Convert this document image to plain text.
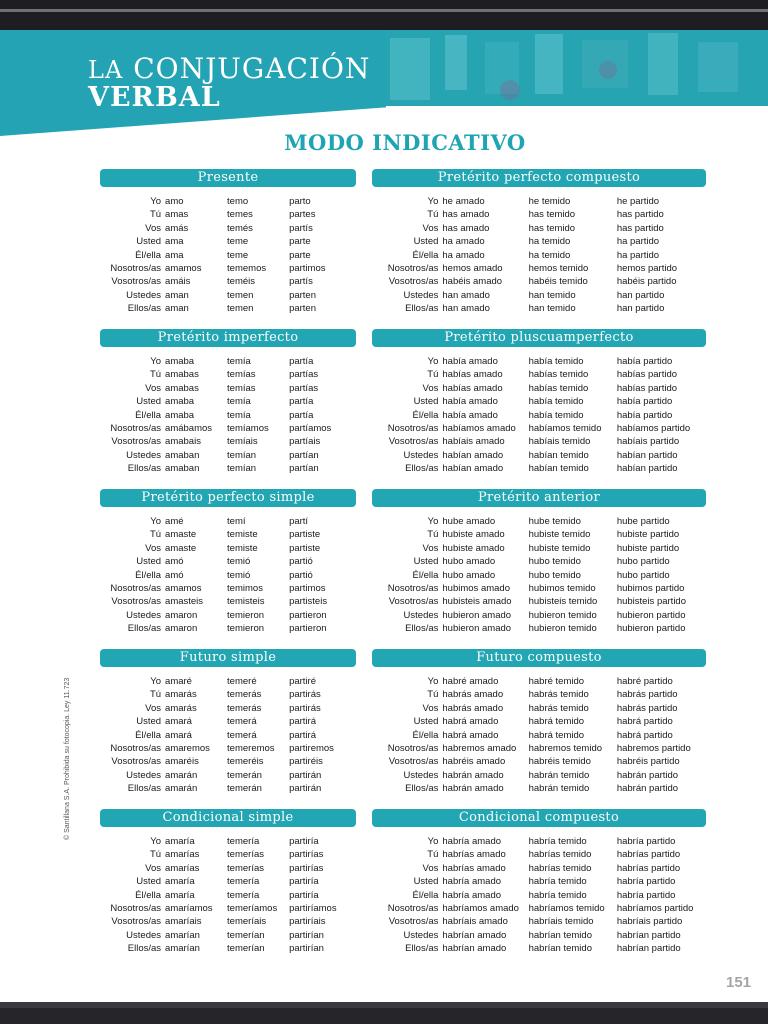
LA CONJUGACIÓN
VERBAL
MODO INDICATIVO
Presente
Yo amo	temo	parto
Tú amas	temes	partes
Vos amás	temés	partís
Usted ama	teme	parte
Él/ella ama	teme	parte
Nosotros/as amamos	tememos	partimos
Vosotros/as amáis	teméis	partís
Ustedes aman	temen	parten
Ellos/as aman	temen	parten
Pretérito perfecto compuesto
Yo he amado	he temido	he partido
Tú has amado	has temido	has partido
Vos has amado	has temido	has partido
Usted ha amado	ha temido	ha partido
Él/ella ha amado	ha temido	ha partido
Nosotros/as hemos amado	hemos temido	hemos partido
Vosotros/as habéis amado	habéis temido	habéis partido
Ustedes han amado	han temido	han partido
Ellos/as han amado	han temido	han partido
Pretérito imperfecto
Yo amaba	temía	partía
Tú amabas	temías	partías
Vos amabas	temías	partías
Usted amaba	temía	partía
Él/ella amaba	temía	partía
Nosotros/as amábamos	temíamos	partíamos
Vosotros/as amabais	temíais	partíais
Ustedes amaban	temían	partían
Ellos/as amaban	temían	partían
Pretérito pluscuamperfecto
Yo había amado	había temido	había partido
Tú habías amado	habías temido	habías partido
Vos habías amado	habías temido	habías partido
Usted había amado	había temido	había partido
Él/ella había amado	había temido	había partido
Nosotros/as habíamos amado	habíamos temido	habíamos partido
Vosotros/as habíais amado	habíais temido	habíais partido
Ustedes habían amado	habían temido	habían partido
Ellos/as habían amado	habían temido	habían partido
Pretérito perfecto simple
Yo amé	temí	partí
Tú amaste	temiste	partiste
Vos amaste	temiste	partiste
Usted amó	temió	partió
Él/ella amó	temió	partió
Nosotros/as amamos	temimos	partimos
Vosotros/as amasteis	temisteis	partisteis
Ustedes amaron	temieron	partieron
Ellos/as amaron	temieron	partieron
Pretérito anterior
Yo hube amado	hube temido	hube partido
Tú hubiste amado	hubiste temido	hubiste partido
Vos hubiste amado	hubiste temido	hubiste partido
Usted hubo amado	hubo temido	hubo partido
Él/ella hubo amado	hubo temido	hubo partido
Nosotros/as hubimos amado	hubimos temido	hubimos partido
Vosotros/as hubisteis amado	hubisteis temido	hubisteis partido
Ustedes hubieron amado	hubieron temido	hubieron partido
Ellos/as hubieron amado	hubieron temido	hubieron partido
Futuro simple
Yo amaré	temeré	partiré
Tú amarás	temerás	partirás
Vos amarás	temerás	partirás
Usted amará	temerá	partirá
Él/ella amará	temerá	partirá
Nosotros/as amaremos	temeremos	partiremos
Vosotros/as amaréis	temeréis	partiréis
Ustedes amarán	temerán	partirán
Ellos/as amarán	temerán	partirán
Futuro compuesto
Yo habré amado	habré temido	habré partido
Tú habrás amado	habrás temido	habrás partido
Vos habrás amado	habrás temido	habrás partido
Usted habrá amado	habrá temido	habrá partido
Él/ella habrá amado	habrá temido	habrá partido
Nosotros/as habremos amado	habremos temido	habremos partido
Vosotros/as habréis amado	habréis temido	habréis partido
Ustedes habrán amado	habrán temido	habrán partido
Ellos/as habrán amado	habrán temido	habrán partido
Condicional simple
Yo amaría	temería	partiría
Tú amarías	temerías	partirías
Vos amarías	temerías	partirías
Usted amaría	temería	partiría
Él/ella amaría	temería	partiría
Nosotros/as amaríamos	temeríamos	partiríamos
Vosotros/as amaríais	temeríais	partiríais
Ustedes amarían	temerían	partirían
Ellos/as amarían	temerían	partirían
Condicional compuesto
Yo habría amado	habría temido	habría partido
Tú habrías amado	habrías temido	habrías partido
Vos habrías amado	habrías temido	habrías partido
Usted habría amado	habría temido	habría partido
Él/ella habría amado	habría temido	habría partido
Nosotros/as habríamos amado	habríamos temido	habríamos partido
Vosotros/as habríais amado	habríais temido	habríais partido
Ustedes habrían amado	habrían temido	habrían partido
Ellos/as habrían amado	habrían temido	habrían partido
© Santillana S.A. Prohibida su fotocopia. Ley 11.723
151
